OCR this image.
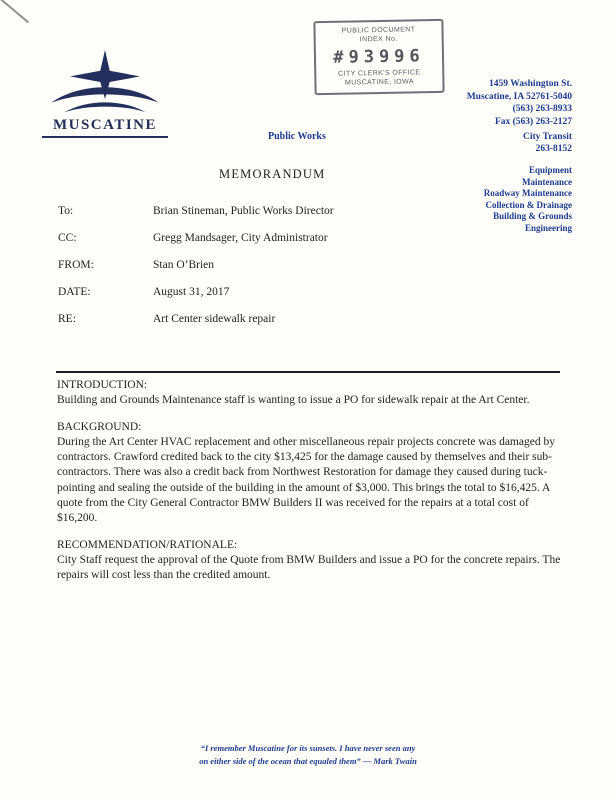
MUSCATINE
PUBLIC DOCUMENT
INDEX No.
#93996
CITY CLERK'S OFFICE
MUSCATINE, IOWA	1459 Washington St.
Muscatine, IA 52761-5040
(563) 263-8933
Fax (563) 263-2127
Public Works	City Transit
263-8152
Equipment
Maintenance
Roadway Maintenance
Collection & Drainage
Building & Grounds
Engineering
MEMORANDUM
To:	Brian Stineman, Public Works Director
CC:	Gregg Mandsager, City Administrator
FROM:	Stan O’Brien
DATE:	August 31, 2017
RE:	Art Center sidewalk repair
INTRODUCTION:
Building and Grounds Maintenance staff is wanting to issue a PO for sidewalk repair at the Art Center.
BACKGROUND:
During the Art Center HVAC replacement and other miscellaneous repair projects concrete was damaged by contractors. Crawford credited back to the city $13,425 for the damage caused by themselves and their sub-contractors. There was also a credit back from Northwest Restoration for damage they caused during tuck-pointing and sealing the outside of the building in the amount of $3,000. This brings the total to $16,425. A quote from the City General Contractor BMW Builders II was received for the repairs at a total cost of $16,200.
RECOMMENDATION/RATIONALE:
City Staff request the approval of the Quote from BMW Builders and issue a PO for the concrete repairs. The repairs will cost less than the credited amount.
“I remember Muscatine for its sunsets. I have never seen any
on either side of the ocean that equaled them” — Mark Twain
